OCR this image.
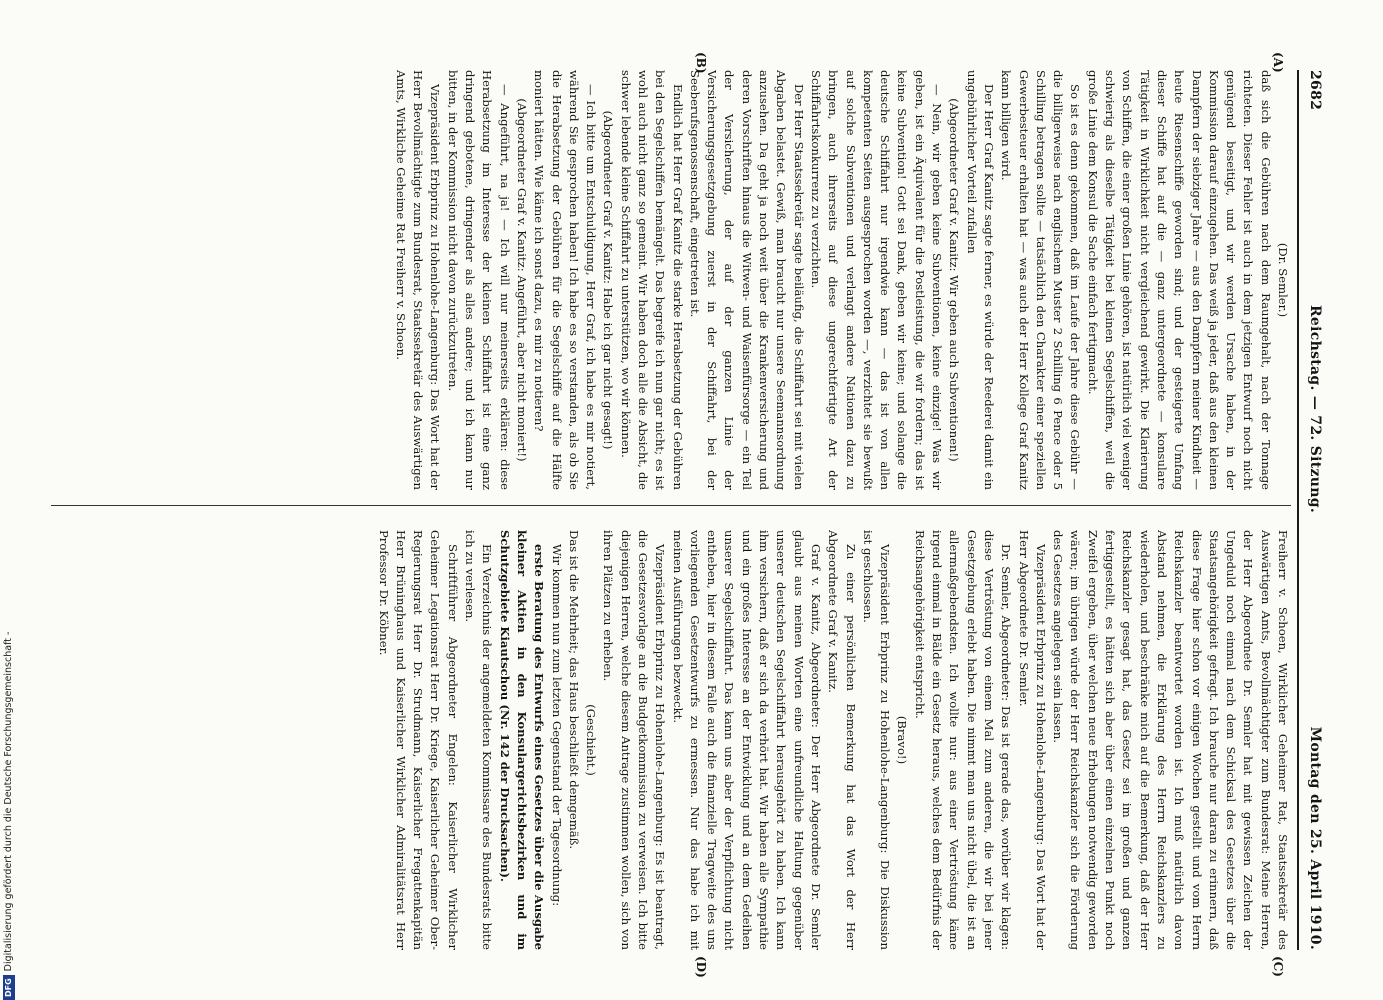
2682
Reichstag. — 72. Sitzung.
Montag den 25. April 1910.
(A)
(B)
(C)
(D)

(Dr. Semler.)

daß sich die Gebühren nach dem Raumgehalt, nach der Tonnage richteten. Dieser Fehler ist auch in dem jetzigen Entwurf noch nicht genügend beseitigt, und wir werden Ursache haben, in der Kommission darauf einzugehen. Das weiß ja jeder, daß aus den kleinen Dampfern der siebziger Jahre — aus den Dampfern meiner Kindheit — heute Riesenschiffe geworden sind; und der gesteigerte Umfang dieser Schiffe hat auf die — ganz untergeordnete — konsulare Tätigkeit in Wirklichkeit nicht vergleichend gewirkt. Die Klarierung von Schiffen, die einer großen Linie gehören, ist natürlich viel weniger schwierig als dieselbe Tätigkeit bei kleinen Segelschiffen, weil die große Linie dem Konsul die Sache einfach fertigmacht.

So ist es denn gekommen, daß im Laufe der Jahre diese Gebühr — die billigerweise nach englischem Muster 2 Schilling 6 Pence oder 5 Schilling betragen sollte — tatsächlich den Charakter einer speziellen Gewerbesteuer erhalten hat — was auch der Herr Kollege Graf Kanitz kann billigen wird.

Der Herr Graf Kanitz sagte ferner, es würde der Reederei damit ein ungebührlicher Vorteil zufallen

(Abgeordneter Graf v. Kanitz: Wir geben auch Subventionen!)

— Nein, wir geben keine Subventionen, keine einzige! Was wir geben, ist ein Äquivalent für die Postleistung, die wir fordern; das ist keine Subvention! Gott sei Dank, geben wir keine; und solange die deutsche Schiffahrt nur irgendwie kann — das ist von allen kompetenten Seiten ausgesprochen worden —, verzichtet sie bewußt auf solche Subventionen und verlangt andere Nationen dazu zu bringen, auch ihrerseits auf diese ungerechtfertigte Art der Schiffahrtskonkurrenz zu verzichten.

Der Herr Staatssekretär sagte beiläufig, die Schiffahrt sei mit vielen Abgaben belastet. Gewiß, man braucht nur unsere Seemannsordnung anzusehen. Da geht ja noch weit über die Krankenversicherung und deren Vorschriften hinaus die Witwen- und Waisenfürsorge — ein Teil der Versicherung, der auf der ganzen Linie der Versicherungsgesetzgebung zuerst in der Schiffahrt, bei der Seeberufsgenossenschaft, eingetreten ist.

Endlich hat Herr Graf Kanitz die starke Herabsetzung der Gebühren bei den Segelschiffen bemängelt. Das begreife ich nun gar nicht; es ist wohl auch nicht ganz so gemeint. Wir haben doch alle die Absicht, die schwer lebende kleine Schiffahrt zu unterstützen, wo wir können.

(Abgeordneter Graf v. Kanitz: Habe ich gar nicht gesagt!)

— Ich bitte um Entschuldigung, Herr Graf, ich habe es mir notiert, während Sie gesprochen haben! Ich habe es so verstanden, als ob Sie die Herabsetzung der Gebühren für die Segelschiffe auf die Hälfte moniert hätten. Wie käme ich sonst dazu, es mir zu notieren?

(Abgeordneter Graf v. Kanitz: Angeführt, aber nicht moniert!)

— Angeführt, na ja! — Ich will nur meinerseits erklären: diese Herabsetzung im Interesse der kleinen Schiffahrt ist eine ganz dringend gebotene, dringender als alles andere; und ich kann nur bitten, in der Kommission nicht davon zurückzutreten.

Vizepräsident Erbprinz zu Hohenlohe-Langenburg: Das Wort hat der Herr Bevollmächtigte zum Bundesrat, Staatssekretär des Auswärtigen Amts, Wirkliche Geheime Rat Freiherr v. Schoen.

Freiherr v. Schoen, Wirklicher Geheimer Rat, Staatssekretär des Auswärtigen Amts, Bevollmächtigter zum Bundesrat: Meine Herren, der Herr Abgeordnete Dr. Semler hat mit gewissen Zeichen der Ungeduld noch einmal nach dem Schicksal des Gesetzes über die Staatsangehörigkeit gefragt. Ich brauche nur daran zu erinnern, daß diese Frage hier schon vor einigen Wochen gestellt und vom Herrn Reichskanzler beantwortet worden ist. Ich muß natürlich davon Abstand nehmen, die Erklärung des Herrn Reichskanzlers zu wiederholen, und beschränke mich auf die Bemerkung, daß der Herr Reichskanzler gesagt hat, das Gesetz sei im großen und ganzen fertiggestellt, es hätten sich aber über einen einzelnen Punkt noch Zweifel ergeben, über welchen neue Erhebungen notwendig geworden wären; im übrigen würde der Herr Reichskanzler sich die Förderung des Gesetzes angelegen sein lassen.

Vizepräsident Erbprinz zu Hohenlohe-Langenburg: Das Wort hat der Herr Abgeordnete Dr. Semler.

Dr. Semler, Abgeordneter: Das ist gerade das, worüber wir klagen: diese Vertröstung von einem Mal zum anderen, die wir bei jener Gesetzgebung erlebt haben. Die nimmt man uns nicht übel, die ist an allermaßgebendsten. Ich wollte nur: aus einer Vertröstung käme irgend einmal in Bälde ein Gesetz heraus, welches dem Bedürfnis der Reichsangehörigkeit entspricht.

(Bravo!)

Vizepräsident Erbprinz zu Hohenlohe-Langenburg: Die Diskussion ist geschlossen.

Zu einer persönlichen Bemerkung hat das Wort der Herr Abgeordnete Graf v. Kanitz.

Graf v. Kanitz, Abgeordneter: Der Herr Abgeordnete Dr. Semler glaubt aus meinen Worten eine unfreundliche Haltung gegenüber unserer deutschen Segelschiffahrt herausgehört zu haben. Ich kann ihm versichern, daß er sich da verhört hat. Wir haben alle Sympathie und ein großes Interesse an der Entwicklung und an dem Gedeihen unserer Segelschiffahrt. Das kann uns aber der Verpflichtung nicht entheben, hier in diesem Falle auch die finanzielle Tragweite des uns vorliegenden Gesetzentwurfs zu ermessen. Nur das habe ich mit meinen Ausführungen bezweckt.

Vizepräsident Erbprinz zu Hohenlohe-Langenburg: Es ist beantragt, die Gesetzesvorlage an die Budgetkommission zu verweisen. Ich bitte diejenigen Herren, welche diesem Antrage zustimmen wollen, sich von ihren Plätzen zu erheben.

(Geschieht.)

Das ist die Mehrheit; das Haus beschließt demgemäß.

Wir kommen nun zum letzten Gegenstand der Tagesordnung:

erste Beratung des Entwurfs eines Gesetzes über die Ausgabe kleiner Aktien in den Konsulargerichtsbezirken und im Schutzgebiete Kiautschou (Nr. 142 der Drucksachen).

Ein Verzeichnis der angemeldeten Kommissare des Bundesrats bitte ich zu verlesen.

Schriftführer Abgeordneter Engelen: Kaiserlicher Wirklicher Geheimer Legationsrat Herr Dr. Kriege, Kaiserlicher Geheimer Ober-Regierungsrat Herr Dr. Strudmann, Kaiserlicher Fregattenkapitän Herr Brüninghaus und Kaiserlicher Wirklicher Admiralitätsrat Herr Professor Dr. Köbner.

DFGDigitalisierung gefördert durch die Deutsche Forschungsgemeinschaft -
